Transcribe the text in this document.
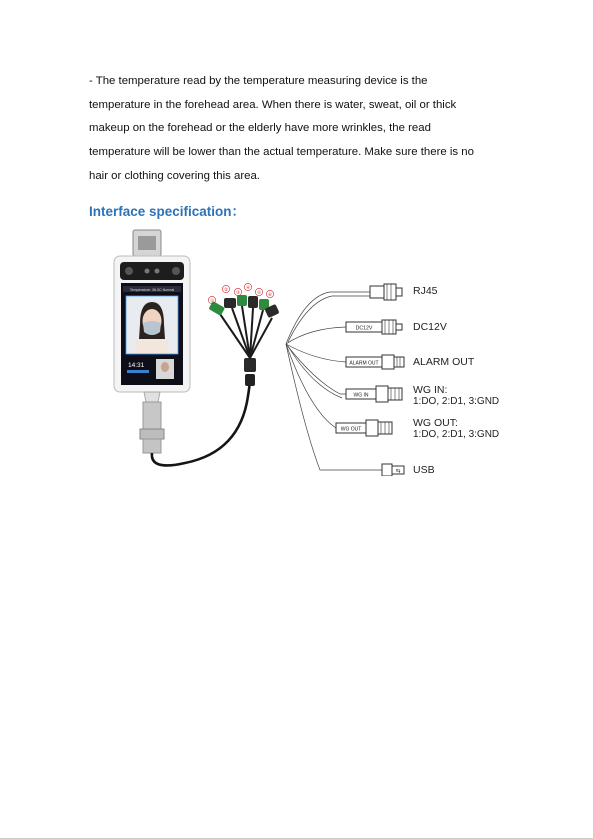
- The temperature read by the temperature measuring device is the

temperature in the forehead area. When there is water, sweat, oil or thick

makeup on the forehead or the elderly have more wrinkles, the read

temperature will be lower than the actual temperature. Make sure there is no

hair or clothing covering this area.

Interface specification：
Temperature: 36.0C Normal
14:31
DC12V
ALARM OUT
WG IN
WG OUT
⇆
①
②
③
④
⑤ ⑥	RJ45
DC12V
ALARM OUT
WG IN:
1:DO, 2:D1, 3:GND
WG OUT:
1:DO, 2:D1, 3:GND
USB
